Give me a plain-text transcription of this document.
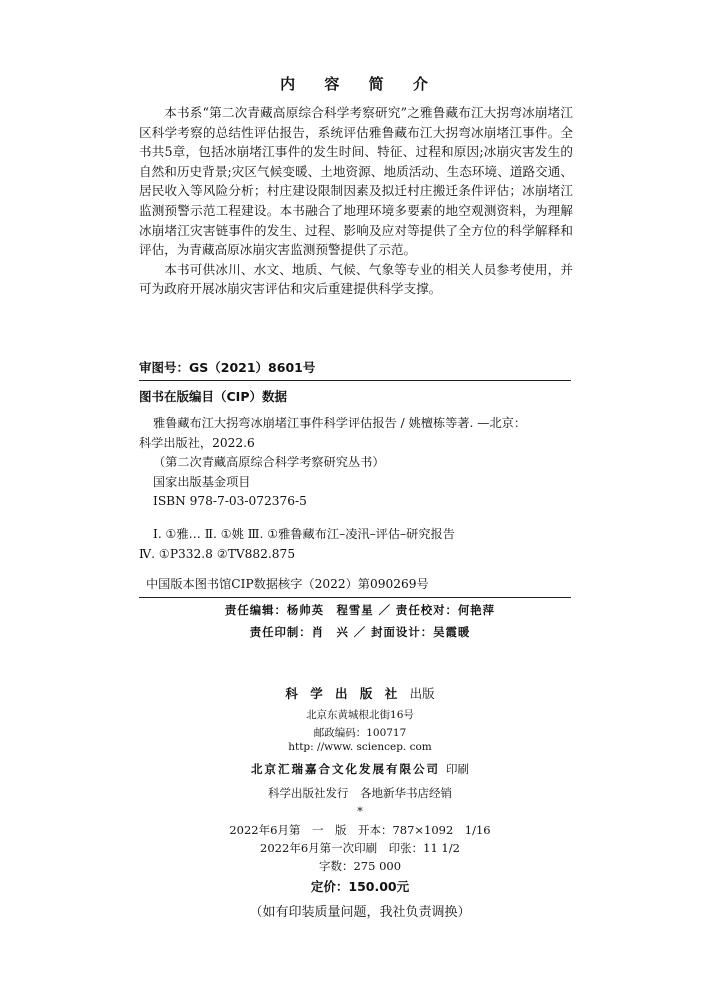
内 容 简 介

本书系“第二次青藏高原综合科学考察研究”之雅鲁藏布江大拐弯冰崩堵江区科学考察的总结性评估报告，系统评估雅鲁藏布江大拐弯冰崩堵江事件。全书共5章，包括冰崩堵江事件的发生时间、特征、过程和原因;冰崩灾害发生的自然和历史背景;灾区气候变暖、土地资源、地质活动、生态环境、道路交通、居民收入等风险分析；村庄建设限制因素及拟迁村庄搬迁条件评估；冰崩堵江监测预警示范工程建设。本书融合了地理环境多要素的地空观测资料，为理解冰崩堵江灾害链事件的发生、过程、影响及应对等提供了全方位的科学解释和评估，为青藏高原冰崩灾害监测预警提供了示范。

本书可供冰川、水文、地质、气候、气象等专业的相关人员参考使用，并可为政府开展冰崩灾害评估和灾后重建提供科学支撑。

审图号：GS（2021）8601号
图书在版编目（CIP）数据
雅鲁藏布江大拐弯冰崩堵江事件科学评估报告 / 姚檀栋等著. —北京：
科学出版社，2022.6
（第二次青藏高原综合科学考察研究丛书）
国家出版基金项目
ISBN 978-7-03-072376-5
Ⅰ. ①雅… Ⅱ. ①姚 Ⅲ. ①雅鲁藏布江–凌汛–评估–研究报告
Ⅳ. ①P332.8 ②TV882.875
中国版本图书馆CIP数据核字（2022）第090269号
责任编辑：杨帅英　程雪星 ／ 责任校对：何艳萍
责任印制：肖　兴 ／ 封面设计：吴霞暖
科 学 出 版 社 出版
北京东黄城根北街16号
邮政编码：100717
http: //www. sciencep. com
北京汇瑞嘉合文化发展有限公司 印刷
科学出版社发行　各地新华书店经销
*
2022年6月第　一　版　开本：787×1092　1/16
2022年6月第一次印刷　印张：11 1/2
字数：275 000
定价：150.00元
（如有印装质量问题，我社负责调换）
